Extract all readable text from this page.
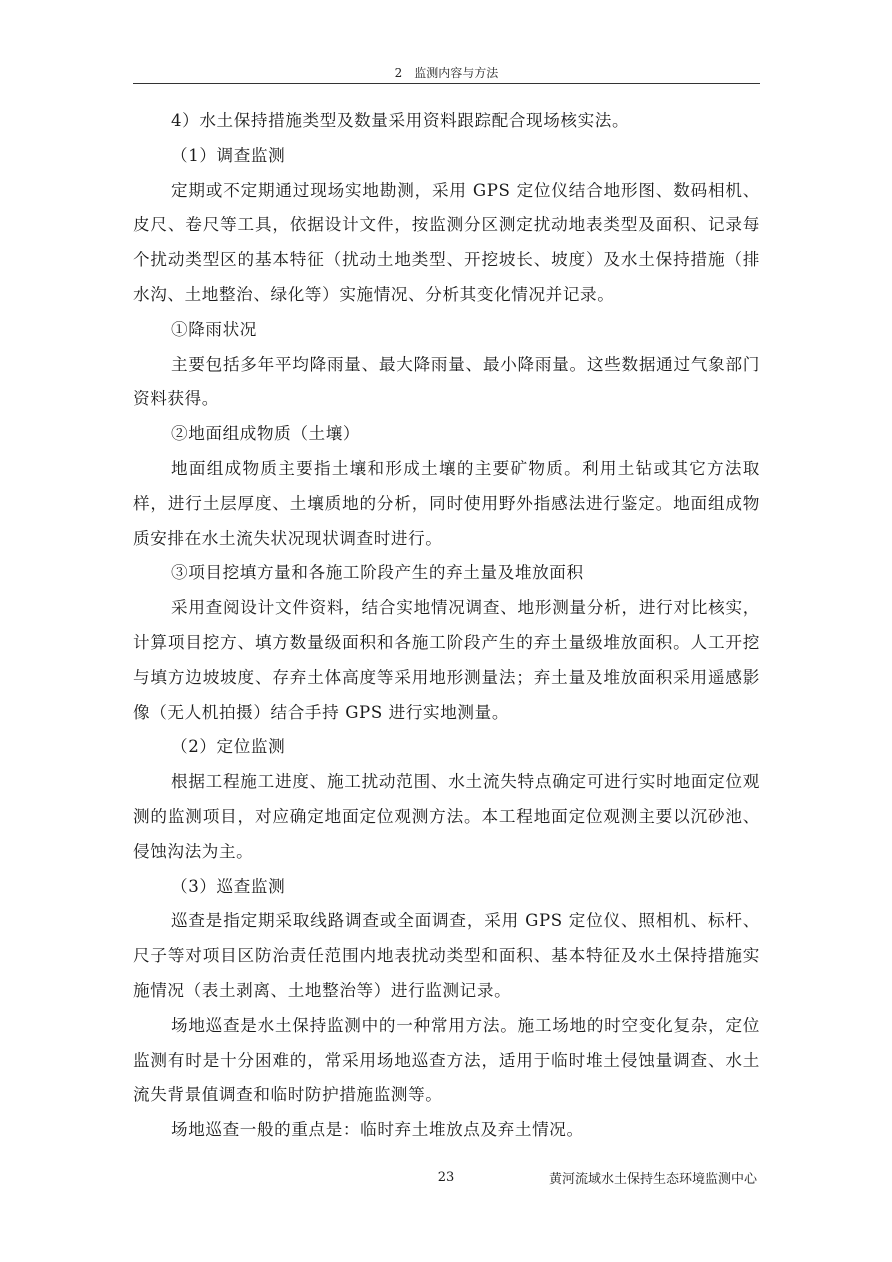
2　监测内容与方法

4）水土保持措施类型及数量采用资料跟踪配合现场核实法。

（1）调查监测

定期或不定期通过现场实地勘测，采用 GPS 定位仪结合地形图、数码相机、皮尺、卷尺等工具，依据设计文件，按监测分区测定扰动地表类型及面积、记录每个扰动类型区的基本特征（扰动土地类型、开挖坡长、坡度）及水土保持措施（排水沟、土地整治、绿化等）实施情况、分析其变化情况并记录。

①降雨状况

主要包括多年平均降雨量、最大降雨量、最小降雨量。这些数据通过气象部门资料获得。

②地面组成物质（土壤）

地面组成物质主要指土壤和形成土壤的主要矿物质。利用土钻或其它方法取样，进行土层厚度、土壤质地的分析，同时使用野外指感法进行鉴定。地面组成物质安排在水土流失状况现状调查时进行。

③项目挖填方量和各施工阶段产生的弃土量及堆放面积

采用查阅设计文件资料，结合实地情况调查、地形测量分析，进行对比核实，计算项目挖方、填方数量级面积和各施工阶段产生的弃土量级堆放面积。人工开挖与填方边坡坡度、存弃土体高度等采用地形测量法；弃土量及堆放面积采用遥感影像（无人机拍摄）结合手持 GPS 进行实地测量。

（2）定位监测

根据工程施工进度、施工扰动范围、水土流失特点确定可进行实时地面定位观测的监测项目，对应确定地面定位观测方法。本工程地面定位观测主要以沉砂池、侵蚀沟法为主。

（3）巡查监测

巡查是指定期采取线路调查或全面调查，采用 GPS 定位仪、照相机、标杆、尺子等对项目区防治责任范围内地表扰动类型和面积、基本特征及水土保持措施实施情况（表土剥离、土地整治等）进行监测记录。

场地巡查是水土保持监测中的一种常用方法。施工场地的时空变化复杂，定位监测有时是十分困难的，常采用场地巡查方法，适用于临时堆土侵蚀量调查、水土流失背景值调查和临时防护措施监测等。

场地巡查一般的重点是：临时弃土堆放点及弃土情况。

23	黄河流域水土保持生态环境监测中心
